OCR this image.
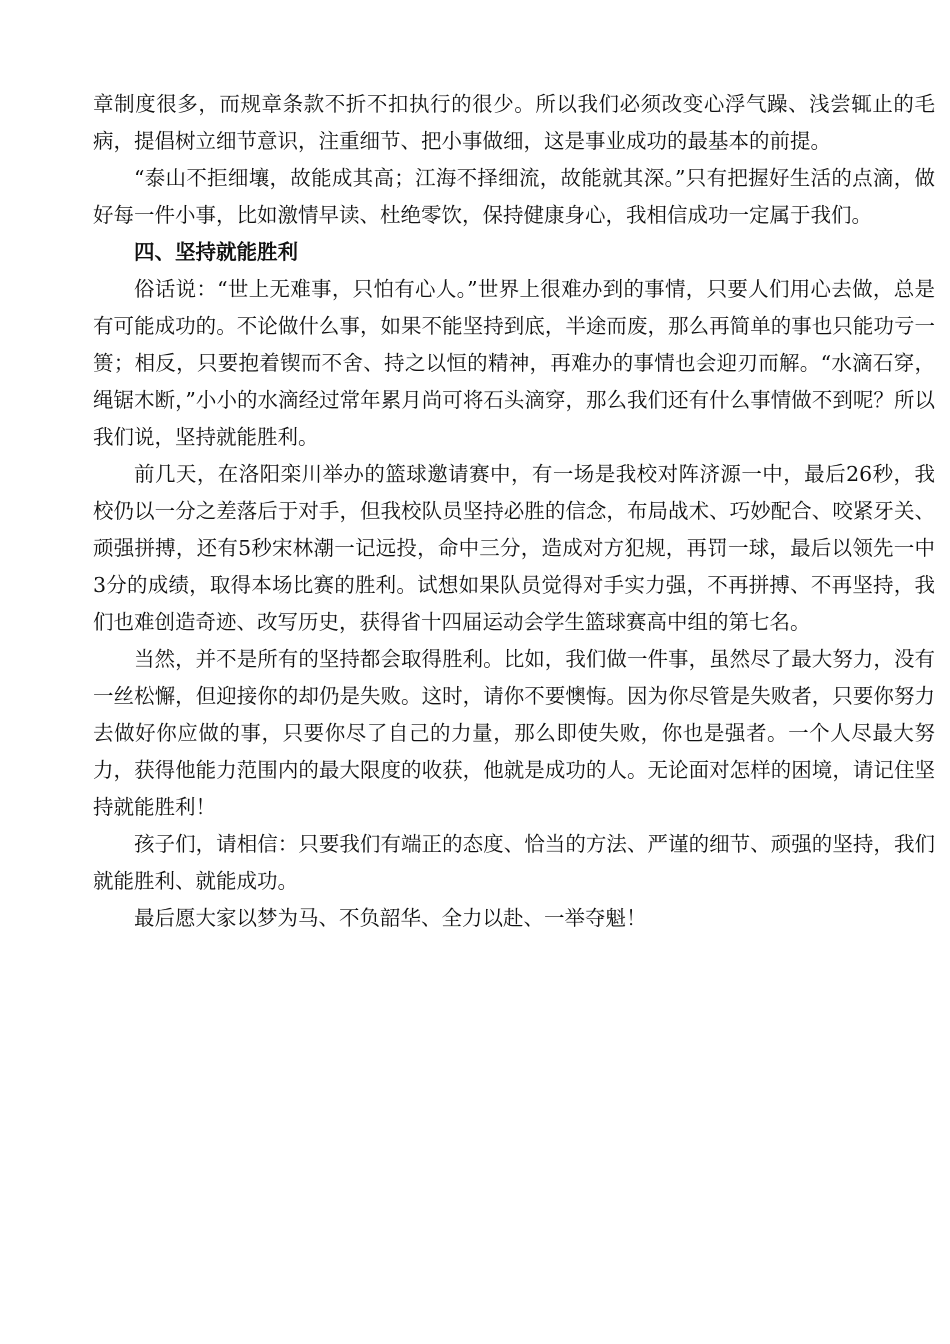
章制度很多，而规章条款不折不扣执行的很少。所以我们必须改变心浮气躁、浅尝辄止的毛病，提倡树立细节意识，注重细节、把小事做细，这是事业成功的最基本的前提。

“泰山不拒细壤，故能成其高；江海不择细流，故能就其深。”只有把握好生活的点滴，做好每一件小事，比如激情早读、杜绝零饮，保持健康身心，我相信成功一定属于我们。

四、坚持就能胜利

俗话说：“世上无难事，只怕有心人。”世界上很难办到的事情，只要人们用心去做，总是有可能成功的。不论做什么事，如果不能坚持到底，半途而废，那么再简单的事也只能功亏一篑；相反，只要抱着锲而不舍、持之以恒的精神，再难办的事情也会迎刃而解。“水滴石穿，绳锯木断，”小小的水滴经过常年累月尚可将石头滴穿，那么我们还有什么事情做不到呢？所以我们说，坚持就能胜利。

前几天，在洛阳栾川举办的篮球邀请赛中，有一场是我校对阵济源一中，最后26秒，我校仍以一分之差落后于对手，但我校队员坚持必胜的信念，布局战术、巧妙配合、咬紧牙关、顽强拼搏，还有5秒宋林潮一记远投，命中三分，造成对方犯规，再罚一球，最后以领先一中3分的成绩，取得本场比赛的胜利。试想如果队员觉得对手实力强，不再拼搏、不再坚持，我们也难创造奇迹、改写历史，获得省十四届运动会学生篮球赛高中组的第七名。

当然，并不是所有的坚持都会取得胜利。比如，我们做一件事，虽然尽了最大努力，没有一丝松懈，但迎接你的却仍是失败。这时，请你不要懊悔。因为你尽管是失败者，只要你努力去做好你应做的事，只要你尽了自己的力量，那么即使失败，你也是强者。一个人尽最大努力，获得他能力范围内的最大限度的收获，他就是成功的人。无论面对怎样的困境，请记住坚持就能胜利！

孩子们，请相信：只要我们有端正的态度、恰当的方法、严谨的细节、顽强的坚持，我们就能胜利、就能成功。

最后愿大家以梦为马、不负韶华、全力以赴、一举夺魁！
